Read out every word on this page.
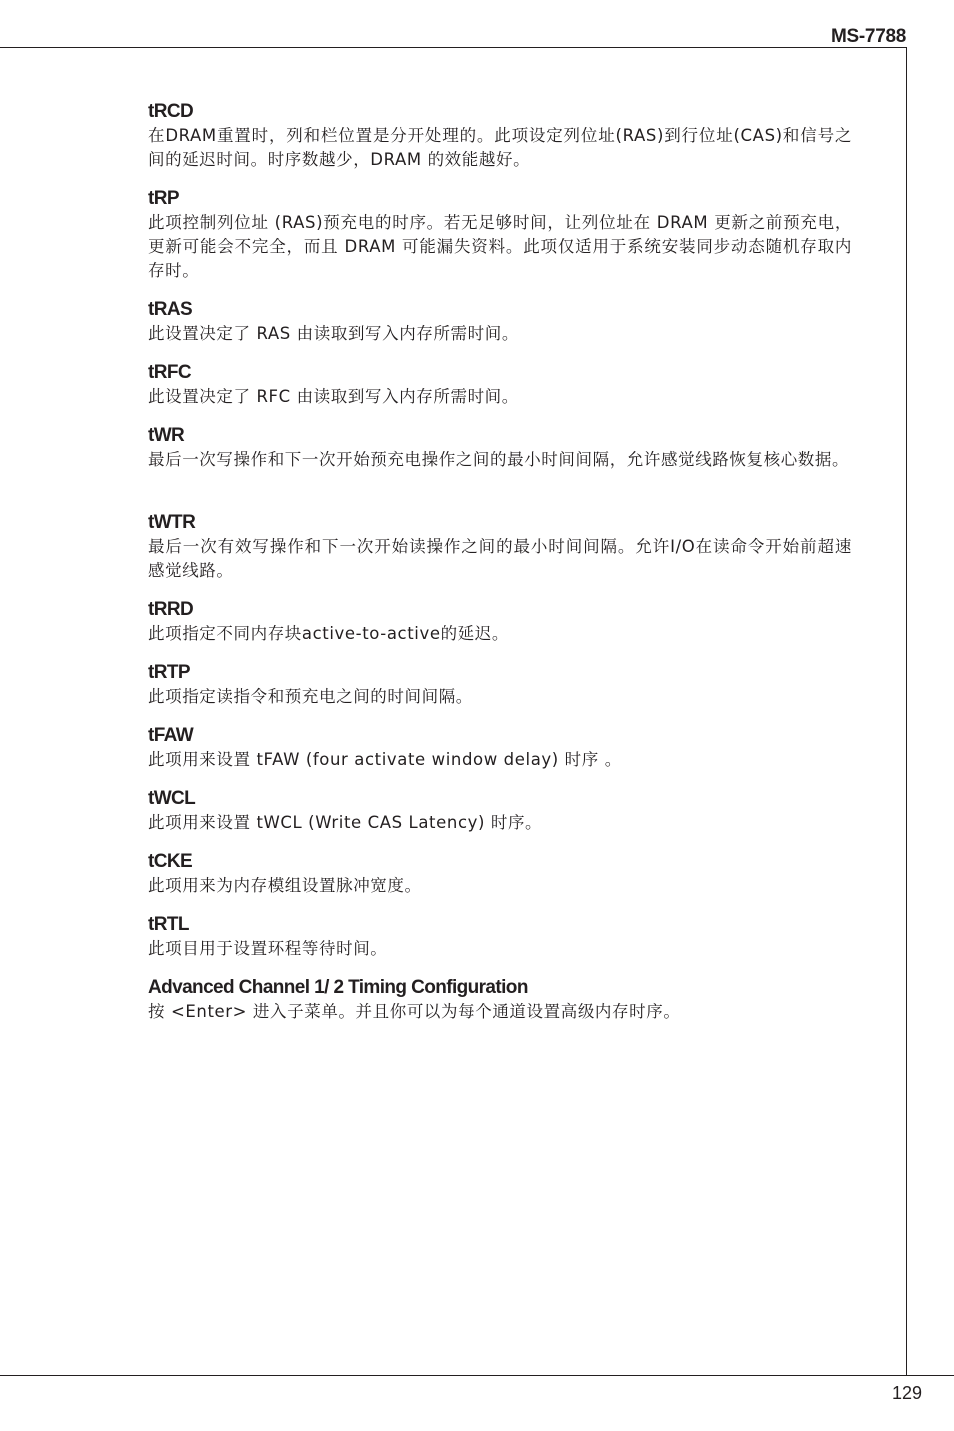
MS-7788
tRCD
在DRAM重置时，列和栏位置是分开处理的。此项设定列位址(RAS)到行位址(CAS)和信号之间的延迟时间。时序数越少，DRAM 的效能越好。
tRP
此项控制列位址 (RAS)预充电的时序。若无足够时间，让列位址在 DRAM 更新之前预充电，更新可能会不完全，而且 DRAM 可能漏失资料。此项仅适用于系统安装同步动态随机存取内存时。
tRAS
此设置决定了 RAS 由读取到写入内存所需时间。
tRFC
此设置决定了 RFC 由读取到写入内存所需时间。
tWR
最后一次写操作和下一次开始预充电操作之间的最小时间间隔，允许感觉线路恢复核心数据。
tWTR
最后一次有效写操作和下一次开始读操作之间的最小时间间隔。允许I/O在读命令开始前超速感觉线路。
tRRD
此项指定不同内存块active-to-active的延迟。
tRTP
此项指定读指令和预充电之间的时间间隔。
tFAW
此项用来设置 tFAW (four activate window delay) 时序 。
tWCL
此项用来设置 tWCL (Write CAS Latency) 时序。
tCKE
此项用来为内存模组设置脉冲宽度。
tRTL
此项目用于设置环程等待时间。
Advanced Channel 1/ 2 Timing Configuration
按 <Enter> 进入子菜单。并且你可以为每个通道设置高级内存时序。
129
